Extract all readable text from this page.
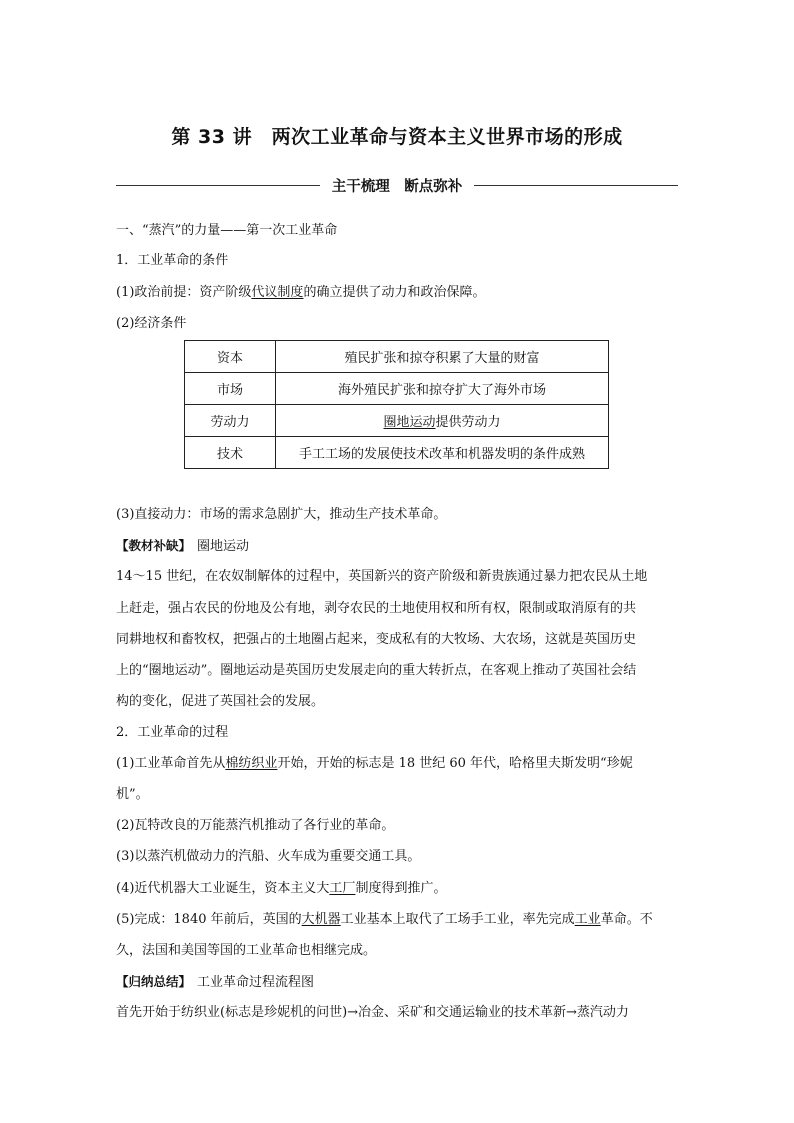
第 33 讲　两次工业革命与资本主义世界市场的形成
主干梳理　断点弥补
一、“蒸汽”的力量——第一次工业革命
1．工业革命的条件
(1)政治前提：资产阶级代议制度的确立提供了动力和政治保障。
(2)经济条件
资本	殖民扩张和掠夺积累了大量的财富
市场	海外殖民扩张和掠夺扩大了海外市场
劳动力	圈地运动提供劳动力
技术	手工工场的发展使技术改革和机器发明的条件成熟
(3)直接动力：市场的需求急剧扩大，推动生产技术革命。
【教材补缺】 圈地运动
14～15 世纪，在农奴制解体的过程中，英国新兴的资产阶级和新贵族通过暴力把农民从土地
上赶走，强占农民的份地及公有地，剥夺农民的土地使用权和所有权，限制或取消原有的共
同耕地权和畜牧权，把强占的土地圈占起来，变成私有的大牧场、大农场，这就是英国历史
上的“圈地运动”。圈地运动是英国历史发展走向的重大转折点，在客观上推动了英国社会结
构的变化，促进了英国社会的发展。
2．工业革命的过程
(1)工业革命首先从棉纺织业开始，开始的标志是 18 世纪 60 年代，哈格里夫斯发明“珍妮
机”。
(2)瓦特改良的万能蒸汽机推动了各行业的革命。
(3)以蒸汽机做动力的汽船、火车成为重要交通工具。
(4)近代机器大工业诞生，资本主义大工厂制度得到推广。
(5)完成：1840 年前后，英国的大机器工业基本上取代了工场手工业，率先完成工业革命。不
久，法国和美国等国的工业革命也相继完成。
【归纳总结】 工业革命过程流程图
首先开始于纺织业(标志是珍妮机的问世)→冶金、采矿和交通运输业的技术革新→蒸汽动力
